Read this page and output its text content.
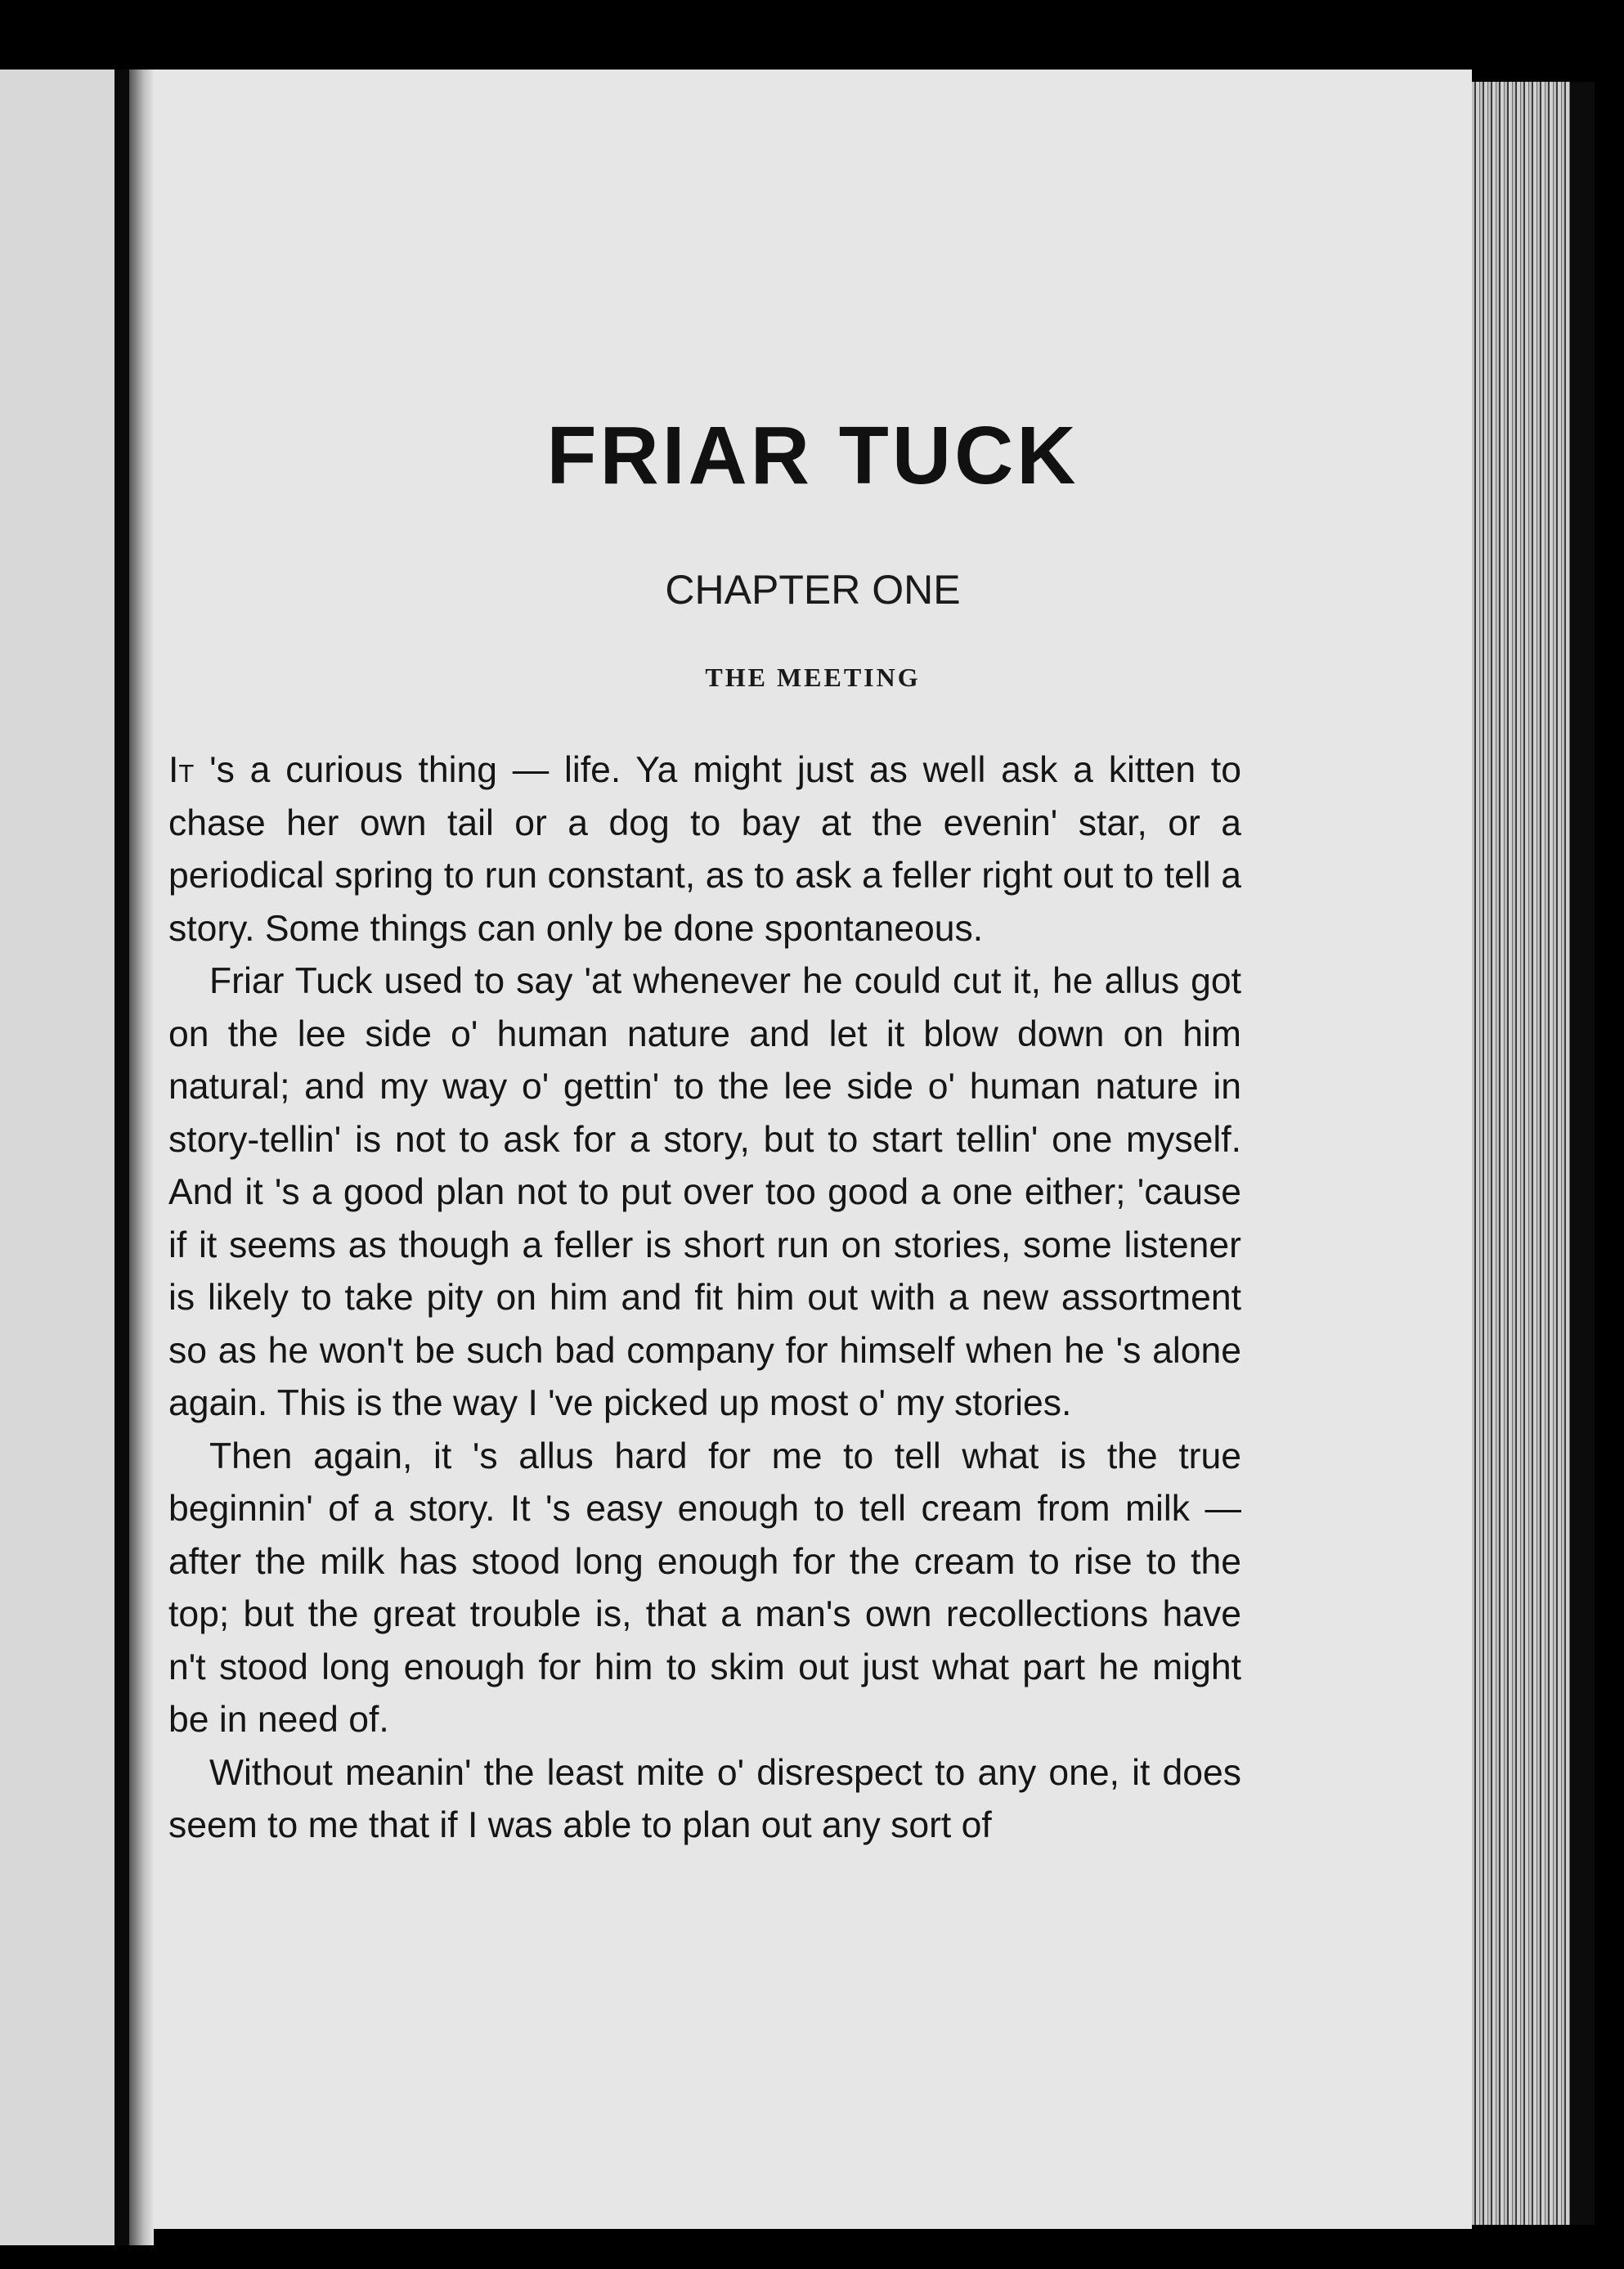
FRIAR TUCK
CHAPTER ONE
THE MEETING

It 's a curious thing — life. Ya might just as well ask a kitten to chase her own tail or a dog to bay at the evenin' star, or a periodical spring to run constant, as to ask a feller right out to tell a story. Some things can only be done spontaneous.

Friar Tuck used to say 'at whenever he could cut it, he allus got on the lee side o' human nature and let it blow down on him natural; and my way o' gettin' to the lee side o' human nature in story-tellin' is not to ask for a story, but to start tellin' one myself. And it 's a good plan not to put over too good a one either; 'cause if it seems as though a feller is short run on stories, some listener is likely to take pity on him and fit him out with a new assortment so as he won't be such bad company for himself when he 's alone again. This is the way I 've picked up most o' my stories.

Then again, it 's allus hard for me to tell what is the true beginnin' of a story. It 's easy enough to tell cream from milk — after the milk has stood long enough for the cream to rise to the top; but the great trouble is, that a man's own recollections have n't stood long enough for him to skim out just what part he might be in need of.

Without meanin' the least mite o' disrespect to any one, it does seem to me that if I was able to plan out any sort of
